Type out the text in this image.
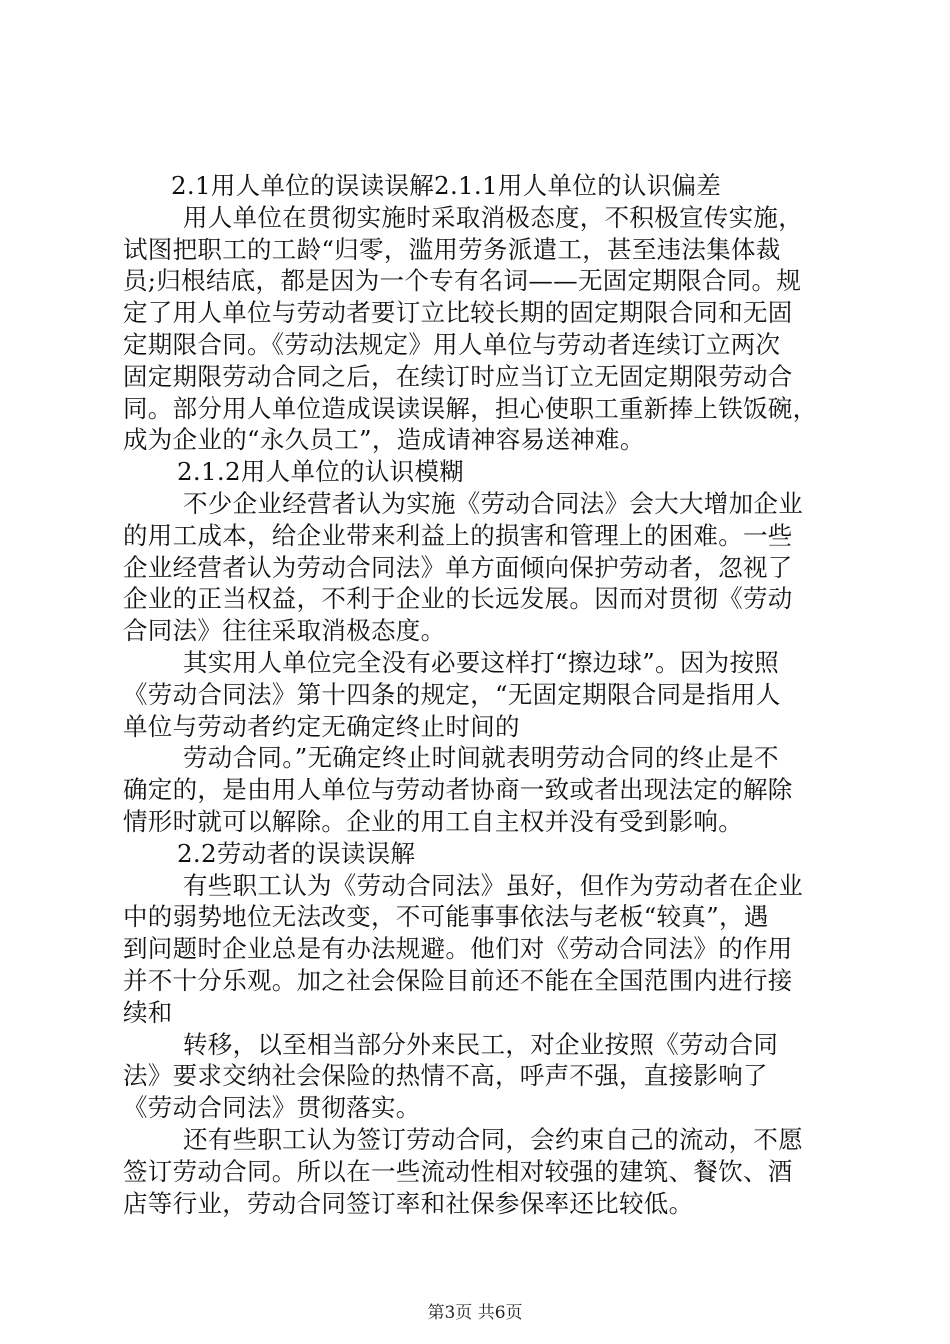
2.1用人单位的误读误解2.1.1用人单位的认识偏差
用人单位在贯彻实施时采取消极态度，不积极宣传实施，
试图把职工的工龄“归零，滥用劳务派遣工，甚至违法集体裁
员;归根结底，都是因为一个专有名词——无固定期限合同。规
定了用人单位与劳动者要订立比较长期的固定期限合同和无固
定期限合同。《劳动法规定》用人单位与劳动者连续订立两次
固定期限劳动合同之后，在续订时应当订立无固定期限劳动合
同。部分用人单位造成误读误解，担心使职工重新捧上铁饭碗，
成为企业的“永久员工”，造成请神容易送神难。
2.1.2用人单位的认识模糊
不少企业经营者认为实施《劳动合同法》会大大增加企业
的用工成本，给企业带来利益上的损害和管理上的困难。一些
企业经营者认为劳动合同法》单方面倾向保护劳动者，忽视了
企业的正当权益，不利于企业的长远发展。因而对贯彻《劳动
合同法》往往采取消极态度。
其实用人单位完全没有必要这样打“擦边球”。因为按照
《劳动合同法》第十四条的规定，“无固定期限合同是指用人
单位与劳动者约定无确定终止时间的
劳动合同。”无确定终止时间就表明劳动合同的终止是不
确定的，是由用人单位与劳动者协商一致或者出现法定的解除
情形时就可以解除。企业的用工自主权并没有受到影响。
2.2劳动者的误读误解
有些职工认为《劳动合同法》虽好，但作为劳动者在企业
中的弱势地位无法改变，不可能事事依法与老板“较真”，遇
到问题时企业总是有办法规避。他们对《劳动合同法》的作用
并不十分乐观。加之社会保险目前还不能在全国范围内进行接
续和
转移，以至相当部分外来民工，对企业按照《劳动合同
法》要求交纳社会保险的热情不高，呼声不强，直接影响了
《劳动合同法》贯彻落实。
还有些职工认为签订劳动合同，会约束自己的流动，不愿
签订劳动合同。所以在一些流动性相对较强的建筑、餐饮、酒
店等行业，劳动合同签订率和社保参保率还比较低。
第3页 共6页
